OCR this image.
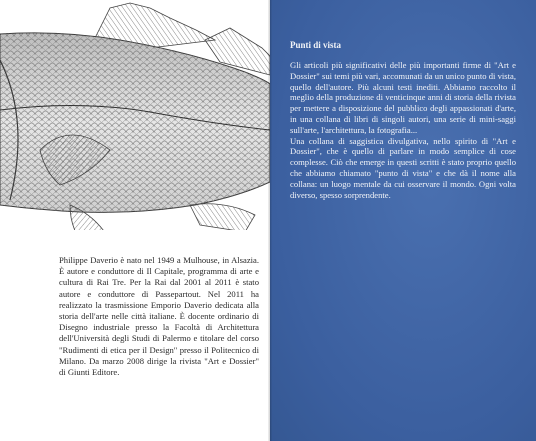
Philippe Daverio è nato nel 1949 a Mulhouse, in Alsazia. È autore e conduttore di Il Capitale, programma di arte e cultura di Rai Tre. Per la Rai dal 2001 al 2011 è stato autore e conduttore di Passepartout. Nel 2011 ha realizzato la trasmissione Emporio Daverio dedicata alla storia dell'arte nelle città italiane. È docente ordinario di Disegno industriale presso la Facoltà di Architettura dell'Università degli Studi di Palermo e titolare del corso "Rudimenti di etica per il Design" presso il Politecnico di Milano. Da marzo 2008 dirige la rivista "Art e Dossier" di Giunti Editore.

Punti di vista

Gli articoli più significativi delle più importanti firme di "Art e Dossier" sui temi più vari, accomunati da un unico punto di vista, quello dell'autore. Più alcuni testi inediti. Abbiamo raccolto il meglio della produzione di venticinque anni di storia della rivista per mettere a disposizione del pubblico degli appassionati d'arte, in una collana di libri di singoli autori, una serie di mini-saggi sull'arte, l'architettura, la fotografia...

Una collana di saggistica divulgativa, nello spirito di "Art e Dossier", che è quello di parlare in modo semplice di cose complesse. Ciò che emerge in questi scritti è stato proprio quello che abbiamo chiamato "punto di vista" e che dà il nome alla collana: un luogo mentale da cui osservare il mondo. Ogni volta diverso, spesso sorprendente.
